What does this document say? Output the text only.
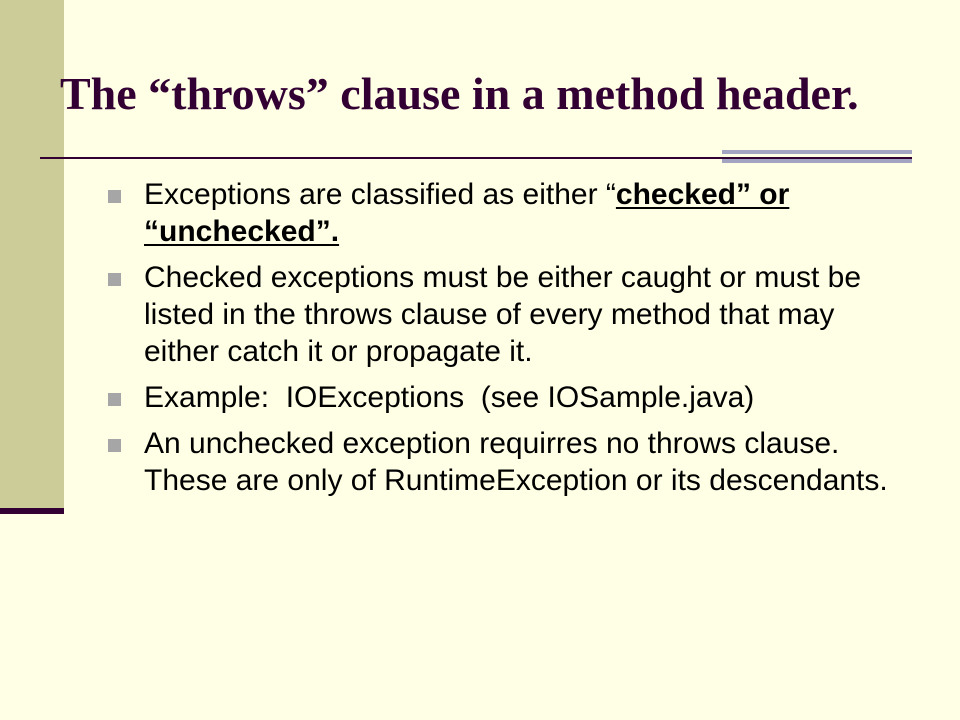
The “throws” clause in a method header.
Exceptions are classified as either “checked” or “unchecked”.
Checked exceptions must be either caught or must be listed in the throws clause of every method that may either catch it or propagate it.
Example:  IOExceptions  (see IOSample.java)
An unchecked exception requirres no throws clause.  These are only of RuntimeException or its descendants.
